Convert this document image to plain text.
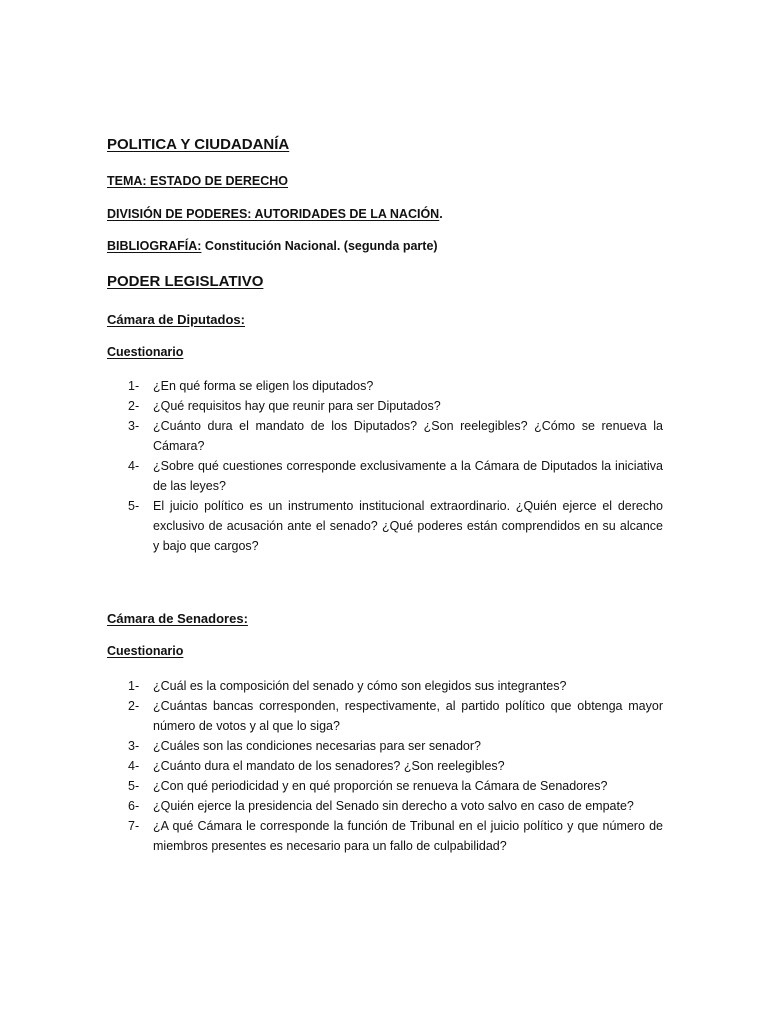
POLITICA Y CIUDADANÍA
TEMA: ESTADO DE DERECHO
DIVISIÓN DE PODERES: AUTORIDADES DE LA NACIÓN.
BIBLIOGRAFÍA: Constitución Nacional. (segunda parte)
PODER LEGISLATIVO
Cámara de Diputados:
Cuestionario
1- ¿En qué forma se eligen los diputados?
2- ¿Qué requisitos hay que reunir para ser Diputados?
3- ¿Cuánto dura el mandato de los Diputados? ¿Son reelegibles? ¿Cómo se renueva la Cámara?
4- ¿Sobre qué cuestiones corresponde exclusivamente a la Cámara de Diputados la iniciativa de las leyes?
5- El juicio político es un instrumento institucional extraordinario. ¿Quién ejerce el derecho exclusivo de acusación ante el senado? ¿Qué poderes están comprendidos en su alcance y bajo que cargos?
Cámara de Senadores:
Cuestionario
1- ¿Cuál es la composición del senado y cómo son elegidos sus integrantes?
2- ¿Cuántas bancas corresponden, respectivamente, al partido político que obtenga mayor número de votos y al que lo siga?
3- ¿Cuáles son las condiciones necesarias para ser senador?
4- ¿Cuánto dura el mandato de los senadores? ¿Son reelegibles?
5- ¿Con qué periodicidad y en qué proporción se renueva la Cámara de Senadores?
6- ¿Quién ejerce la presidencia del Senado sin derecho a voto salvo en caso de empate?
7- ¿A qué Cámara le corresponde la función de Tribunal en el juicio político y que número de miembros presentes es necesario para un fallo de culpabilidad?
